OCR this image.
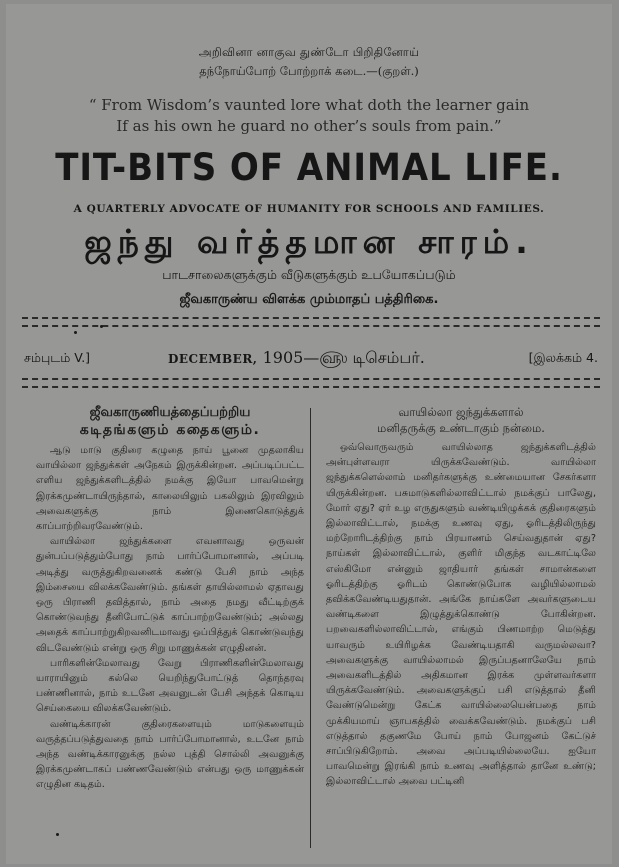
அறிவினா னாகுவ துண்டோ பிறிதினோய்
தந்நோய்போற் போற்றாக் கடை.—(குறள்.)
“ From Wisdom’s vaunted lore what doth the learner gain
If as his own he guard no other’s souls from pain.”
TIT-BITS OF ANIMAL LIFE.
A QUARTERLY ADVOCATE OF HUMANITY FOR SCHOOLS AND FAMILIES.
ஜந்து வர்த்தமான சாரம்.
பாடசாலைகளுக்கும் வீடுகளுக்கும் உபயோகப்படும்
ஜீவகாருண்ய விளக்க மும்மாதப் பத்திரிகை.
சம்புடம் V.]	DECEMBER, 1905—௵ டிசெம்பர்.	[இலக்கம் 4.
ஜீவகாருணியத்தைப்பற்றிய
கடிதங்களும் கதைகளும்.

ஆடு மாடு குதிரை கழுதை நாய் பூனை முதலாகிய வாயில்லா ஜந்துக்கள் அநேகம் இருக்கின்றன. அப்படிப்பட்ட எளிய ஜந்துக்களிடத்தில் நமக்கு இயோ பாவமென்று இரக்கமுண்டாயிருந்தால், காலையிலும் பகலிலும் இரவிலும் அவைகளுக்கு நாம் இணைகொடுத்துக் காப்பாற்றிவரவேண்டும்.

வாயில்லா ஜந்துக்களை எவனாவது ஒருவன் துன்பப்படுத்தும்போது நாம் பார்ப்போமானால், அப்படி அடித்து வருத்துகிறவனைக் கண்டு பேசி நாம் அந்த இம்சையை விலக்கவேண்டும். தங்கள் தாயில்லாமல் ஏதாவது ஒரு பிராணி தவித்தால், நாம் அதை நமது வீட்டிற்குக் கொண்டுவந்து தீனிபோட்டுக் காப்பாற்றவேண்டும்; அல்லது அதைக் காப்பாற்றுகிறவனிடமாவது ஒப்பித்துக் கொண்டுவந்து விடவேண்டும் என்று ஒரு சிறு மாணுக்கன் எழுதினன்.

பாரிகளின்மேலாவது வேறு பிராணிகளின்மேலாவது யாராயினும் கல்லெ யெறிந்துபோட்டுத் தொந்தரவு பண்ணினால், நாம் உடனே அவனுடன் பேசி அந்தக் கொடிய செய்கையை விலக்கவேண்டும்.

வண்டிக்காரன் குதிரைகளையும் மாடுகளையும் வருத்தப்படுத்துவதை நாம் பார்ப்போமானால், உடனே நாம் அந்த வண்டிக்காரனுக்கு நல்ல புத்தி சொல்லி அவனுக்கு இரக்கமுண்டாகப் பண்ணவேண்டும் என்பது ஒரு மாணுக்கன் எழுதின கடிதம்.

வாயில்லா ஜந்துக்களால்
மனிதருக்கு உண்டாகும் நன்மை.

ஒவ்வொருவரும் வாயில்லாத ஜந்துக்களிடத்தில் அன்புள்ளவரா யிருக்கவேண்டும். வாயில்லா ஜந்துக்களெல்லாம் மனிதர்களுக்கு உண்மையான சேகர்களா யிருக்கின்றன. பசுமாடுகளில்லாவிட்டால் நமக்குப் பாலேது, மோர் ஏது? ஏர் உழ எருதுகளும் வண்டியிழுக்கக் குதிரைகளும் இல்லாவிட்டால், நமக்கு உணவு ஏது, ஓரிடத்திலிருந்து மற்றோரிடத்திற்கு நாம் பிரயாணம் செய்வதுதான் ஏது? நாய்கள் இல்லாவிட்டால், குளிர் மிகுந்த வடகாட்டிலே எஸ்கிமோ என்னும் ஜாதியார் தங்கள் சாமான்களை ஓரிடத்திற்கு ஓரிடம் கொண்டுபோக வழியில்லாமல் தவிக்கவேண்டியதுதான். அங்கே நாய்களே அவர்களுடைய வண்டிகளை இழுத்துக்கொண்டு போகின்றன. பறவைகளில்லாவிட்டால், எங்கும் பிணமாற்ற மெடுத்து யாவரும் உயிரிழக்க வேண்டியதாகி வருமல்லவா? அவைகளுக்கு வாயில்லாமல் இருப்பதனாலேயே நாம் அவைகளிடத்தில் அதிகமான இரக்க முள்ளவர்களா யிருக்கவேண்டும். அவைகளுக்குப் பசி எடுத்தால் தீனி வேண்டுமென்று கேட்க வாயில்லையென்பதை நாம் முக்கியமாய் ஞாபகத்தில் வைக்கவேண்டும். நமக்குப் பசி எடுத்தால் தகுணமே போய் நாம் போஜனம் கேட்டுச் சாப்பிடுகிறோம். அவை அப்படியில்லையே. ஐயோ பாவமென்று இரங்கி நாம் உணவு அளித்தால் தானே உண்டு; இல்லாவிட்டால் அவை பட்டினி
